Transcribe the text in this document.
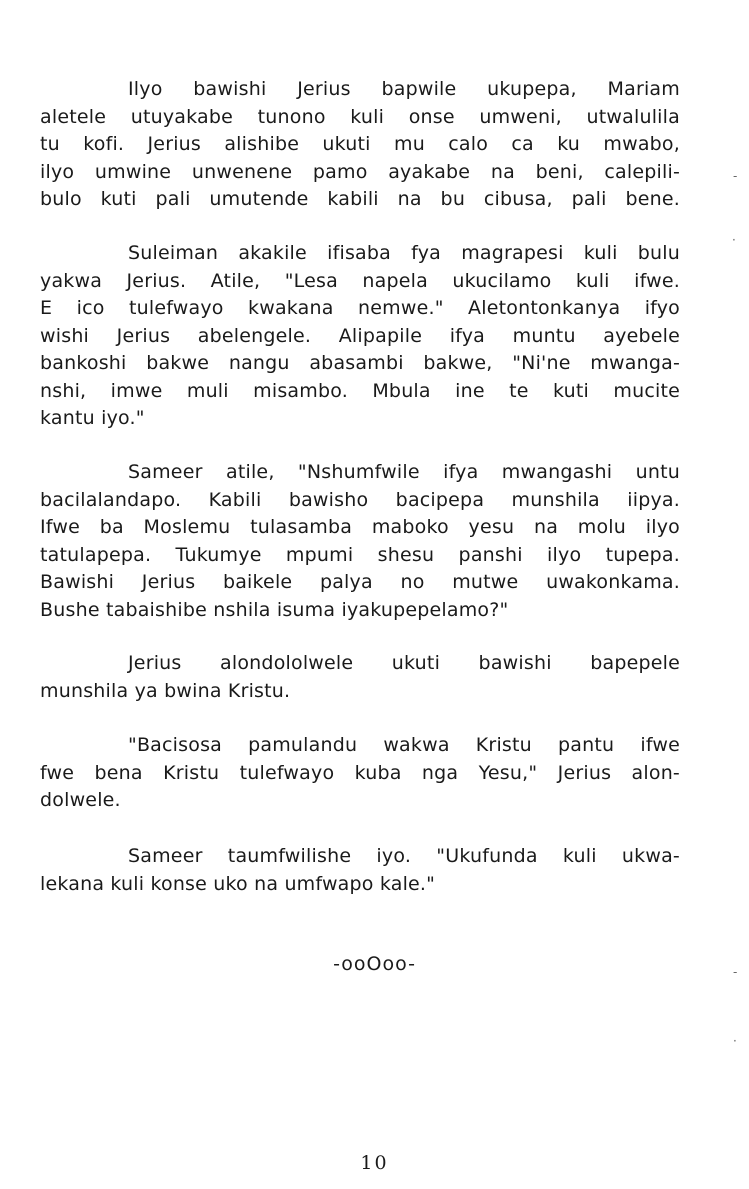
Ilyo bawishi Jerius bapwile ukupepa, Mariam
aletele utuyakabe tunono kuli onse umweni, utwalulila
tu kofi. Jerius alishibe ukuti mu calo ca ku mwabo,
ilyo umwine unwenene pamo ayakabe na beni, calepili-
bulo kuti pali umutende kabili na bu cibusa, pali bene.
Suleiman akakile ifisaba fya magrapesi kuli bulu
yakwa Jerius. Atile, "Lesa napela ukucilamo kuli ifwe.
E ico tulefwayo kwakana nemwe." Aletontonkanya ifyo
wishi Jerius abelengele. Alipapile ifya muntu ayebele
bankoshi bakwe nangu abasambi bakwe, "Ni'ne mwanga-
nshi, imwe muli misambo. Mbula ine te kuti mucite
kantu iyo."
Sameer atile, "Nshumfwile ifya mwangashi untu
bacilalandapo. Kabili bawisho bacipepa munshila iipya.
Ifwe ba Moslemu tulasamba maboko yesu na molu ilyo
tatulapepa. Tukumye mpumi shesu panshi ilyo tupepa.
Bawishi Jerius baikele palya no mutwe uwakonkama.
Bushe tabaishibe nshila isuma iyakupepelamo?"
Jerius alondololwele ukuti bawishi bapepele
munshila ya bwina Kristu.
"Bacisosa pamulandu wakwa Kristu pantu ifwe
fwe bena Kristu tulefwayo kuba nga Yesu," Jerius alon-
dolwele.
Sameer taumfwilishe iyo. "Ukufunda kuli ukwa-
lekana kuli konse uko na umfwapo kale."
-ooOoo-
10
-
·
-
·
